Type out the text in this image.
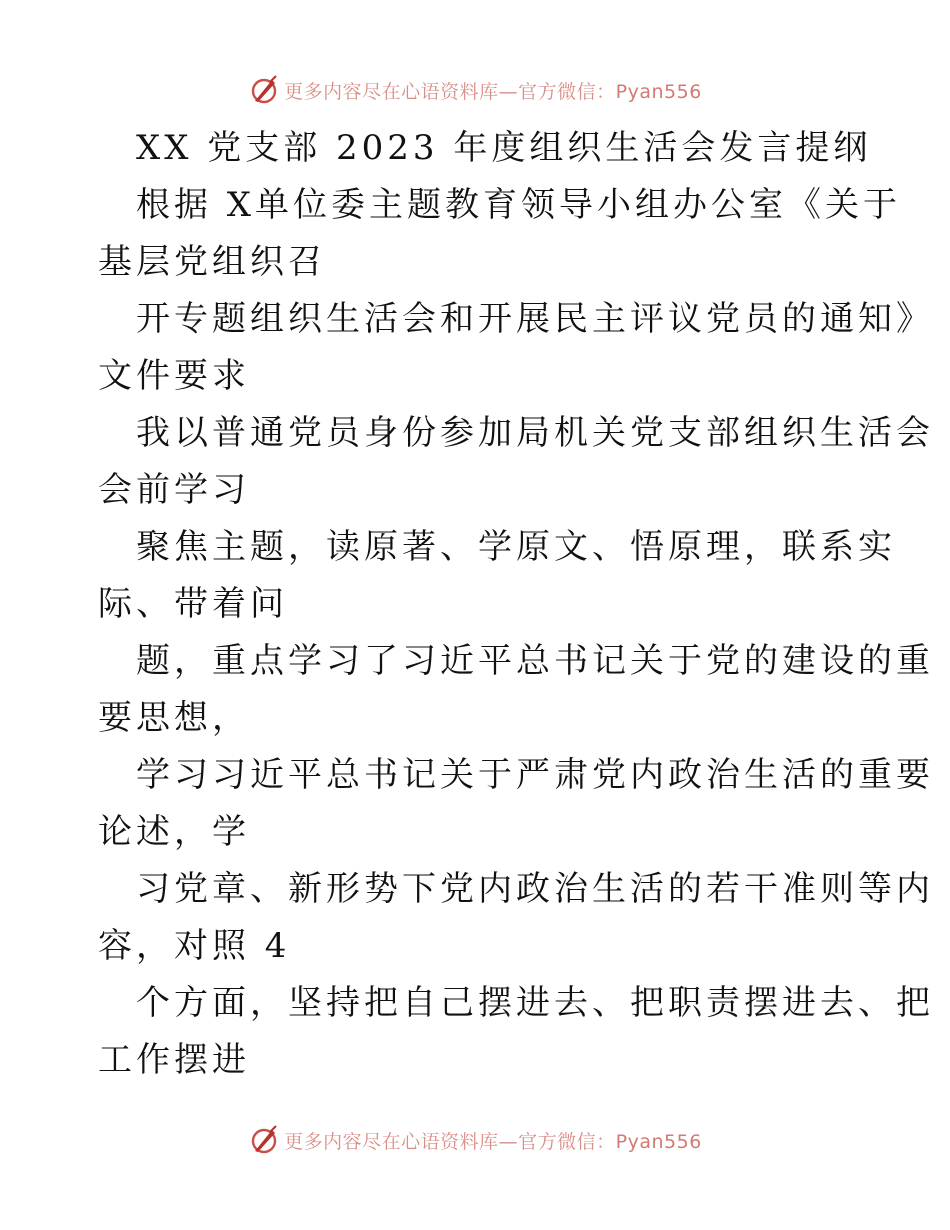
更多内容尽在心语资料库—官方微信：Pyan556
XX 党支部 2023 年度组织生活会发言提纲
根据 X单位委主题教育领导小组办公室《关于
基层党组织召
开专题组织生活会和开展民主评议党员的通知》
文件要求
我以普通党员身份参加局机关党支部组织生活会
会前学习
聚焦主题，读原著、学原文、悟原理，联系实
际、带着问
题，重点学习了习近平总书记关于党的建设的重
要思想，
学习习近平总书记关于严肃党内政治生活的重要
论述，学
习党章、新形势下党内政治生活的若干准则等内
容，对照 4
个方面，坚持把自己摆进去、把职责摆进去、把
工作摆进
更多内容尽在心语资料库—官方微信：Pyan556
